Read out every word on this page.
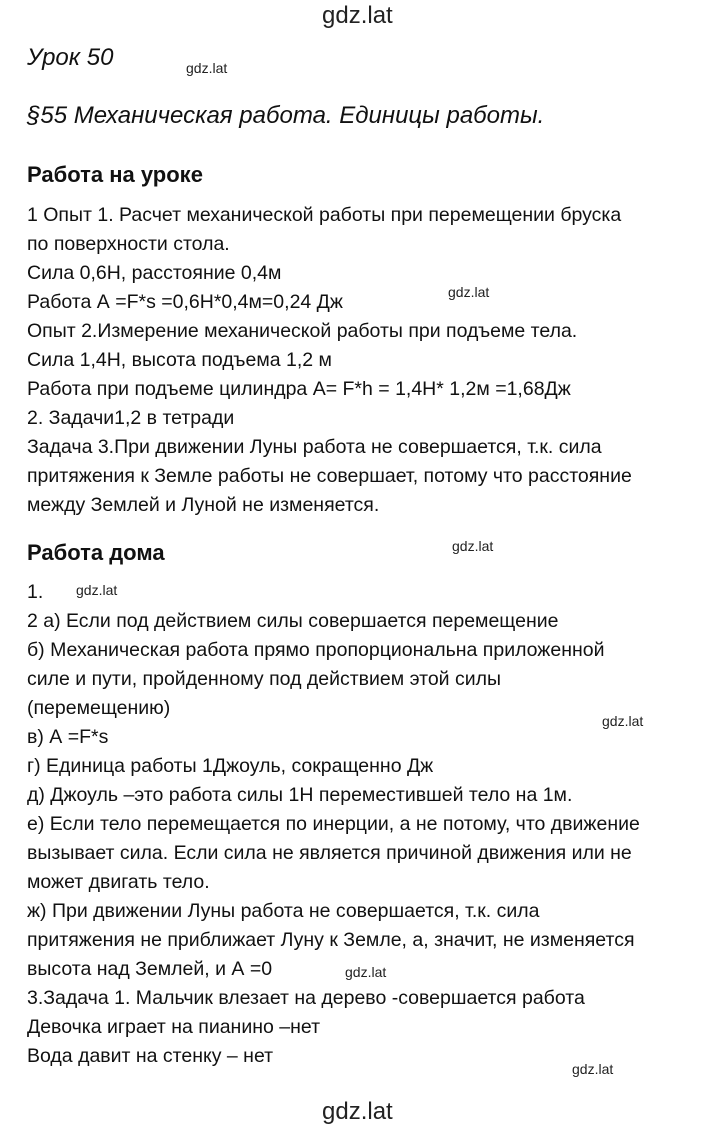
gdz.lat
gdz.lat
gdz.lat
gdz.lat
gdz.lat
gdz.lat
gdz.lat
gdz.lat
gdz.lat
Урок 50
§55 Механическая работа. Единицы работы.
Работа на уроке
1 Опыт 1. Расчет механической работы при перемещении бруска
по поверхности стола.
Сила 0,6Н, расстояние 0,4м
Работа А =F*s =0,6Н*0,4м=0,24 Дж
Опыт 2.Измерение механической работы при подъеме тела.
Сила 1,4Н, высота подъема 1,2 м
Работа при подъеме цилиндра А= F*h = 1,4Н* 1,2м =1,68Дж
2. Задачи1,2 в тетради
Задача 3.При движении Луны работа не совершается, т.к. сила
притяжения к Земле работы не совершает, потому что расстояние
между Землей и Луной не изменяется.
Работа дома
1.
2 а) Если под действием силы совершается перемещение
б) Механическая работа прямо пропорциональна приложенной
силе и пути, пройденному под действием этой силы
(перемещению)
в) А =F*s
г) Единица работы 1Джоуль, сокращенно Дж
д) Джоуль –это работа силы 1Н переместившей тело на 1м.
е) Если тело перемещается по инерции, а не потому, что движение
вызывает сила. Если сила не является причиной движения или не
может двигать тело.
ж) При движении Луны работа не совершается, т.к. сила
притяжения не приближает Луну к Земле, а, значит, не изменяется
высота над Землей, и А =0
3.Задача 1. Мальчик влезает на дерево -совершается работа
Девочка играет на пианино –нет
Вода давит на стенку – нет
